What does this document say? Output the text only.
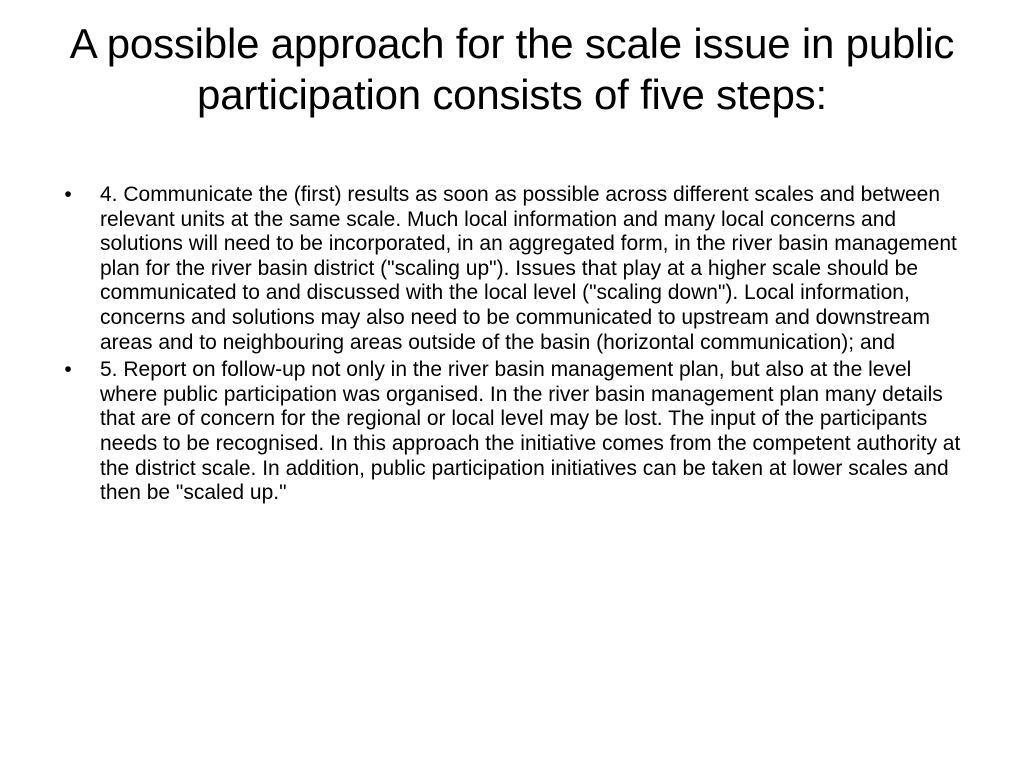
A possible approach for the scale issue in public participation consists of five steps:
•	4. Communicate the (first) results as soon as possible across different scales and between relevant units at the same scale. Much local information and many local concerns and solutions will need to be incorporated, in an aggregated form, in the river basin management plan for the river basin district ("scaling up"). Issues that play at a higher scale should be communicated to and discussed with the local level ("scaling down"). Local information, concerns and solutions may also need to be communicated to upstream and downstream areas and to neighbouring areas outside of the basin (horizontal communication); and
•	5. Report on follow-up not only in the river basin management plan, but also at the level where public participation was organised. In the river basin management plan many details that are of concern for the regional or local level may be lost. The input of the participants needs to be recognised. In this approach the initiative comes from the competent authority at the district scale. In addition, public participation initiatives can be taken at lower scales and then be "scaled up."
